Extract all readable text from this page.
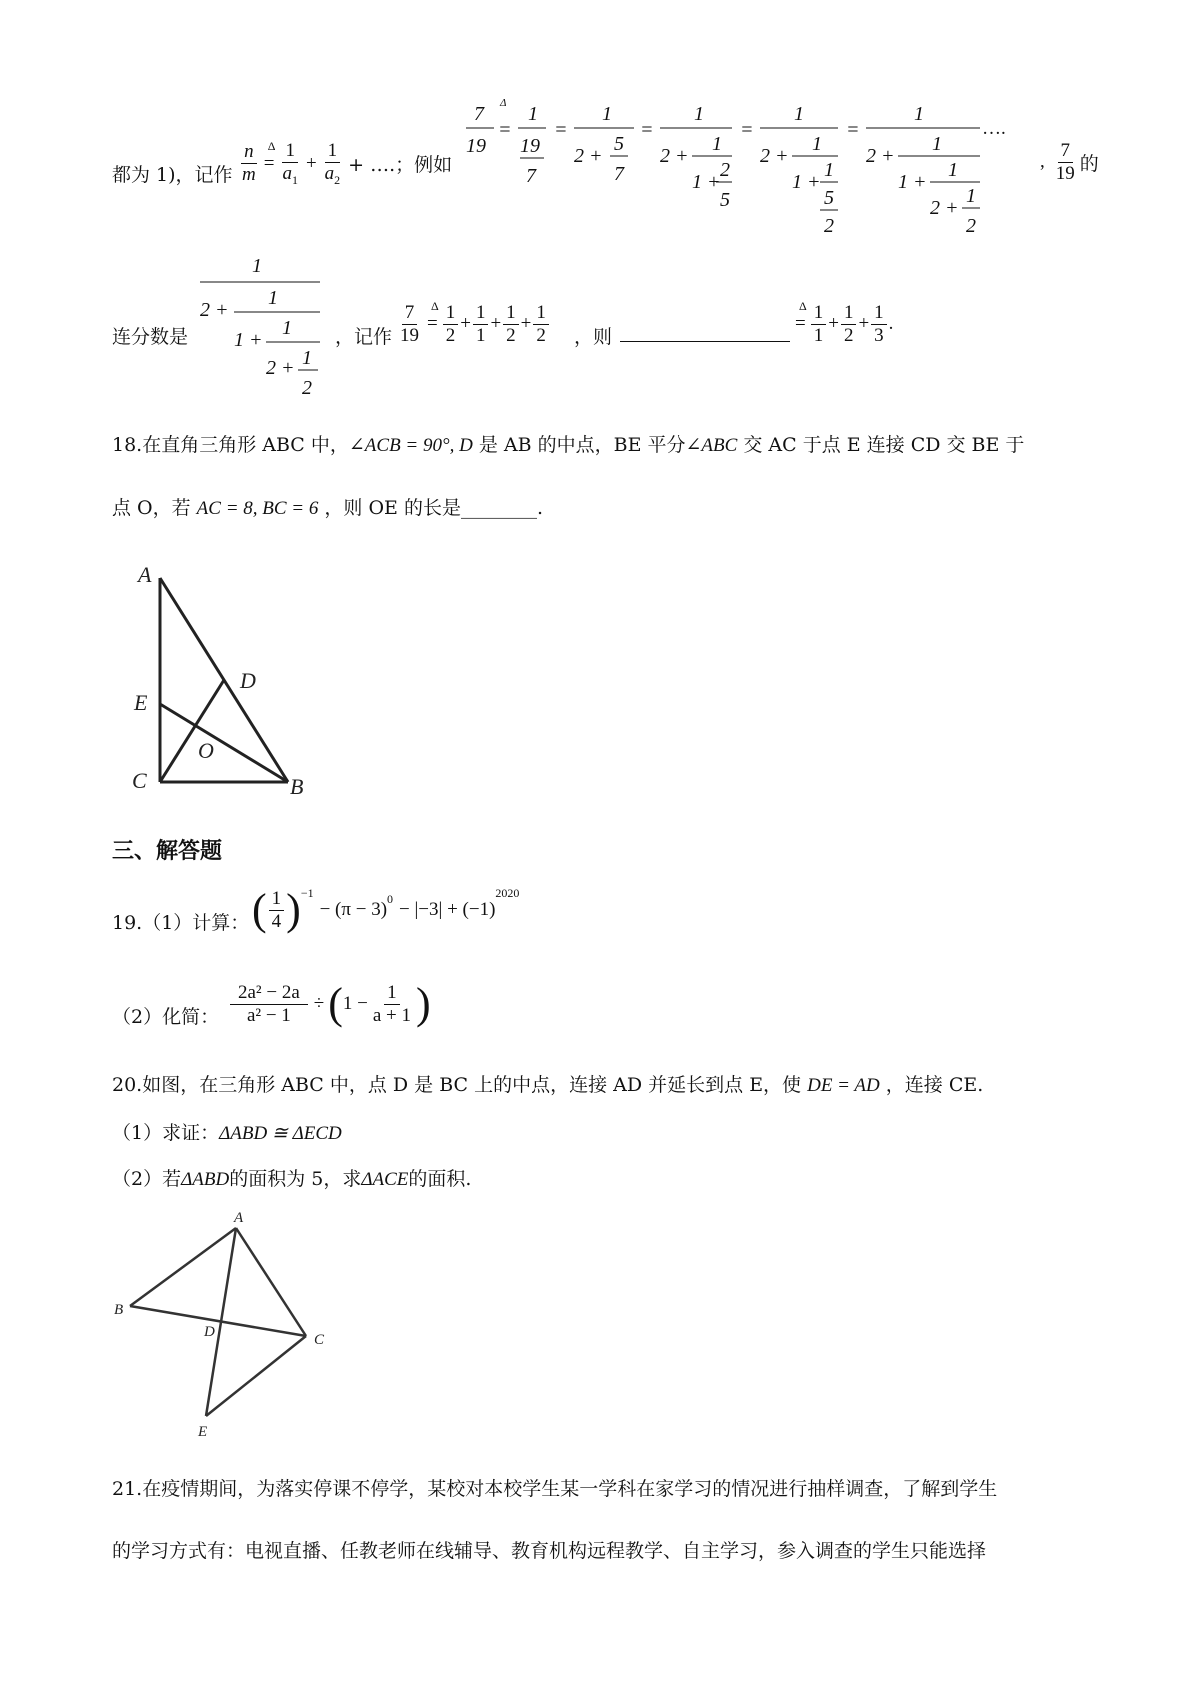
都为 1)，记作 $\frac{n}{m}$ =
Δ $\frac{1}{a_1} + \frac{1}{a_2}$ + ….；例如
7
19
Δ
=
1
19
7
=
1
2 +
5
7
=
1
2 +
1
1 +
2
5
=
1
2 +
1
1 +
1
5
2
=
1
2 +
1
1 +
1
2 +
1
2
….
, $\frac{7}{19}$ 的
连分数是
1
2 +
1
1 +
1
2 + 1
2
，记作 $\frac{7}{19}$ =
Δ $\frac{1}{2} + \frac{1}{1} + \frac{1}{2} + \frac{1}{2}$ ，则
=
Δ $\frac{1}{1} + \frac{1}{2} + \frac{1}{3}$ .
18.在直角三角形 ABC 中，∠ACB = 90°, D 是 AB 的中点，BE 平分∠ABC 交 AC 于点 E 连接 CD 交 BE 于
点 O，若 AC = 8, BC = 6 ，则 OE 的长是________.
A
E
C	B
D
O
三、解答题
19.（1）计算： ( $\frac{1}{4} )^{-1}$
− (π − 3)
$^0$
− |−3| + (−1)
$^{2020}$
（2）化简： $\frac{\text{2a² − 2a}}{\text{a² − 1}}$ ÷ ( $1 - \frac{1}{a + 1}$ )
20.如图，在三角形 ABC 中，点 D 是 BC 上的中点，连接 AD 并延长到点 E，使 DE = AD ，连接 CE.
（1）求证：ΔABD ≅ ΔECD
（2）若ΔABD的面积为 5，求ΔACE的面积.
A
B
D	C
E
21.在疫情期间，为落实停课不停学，某校对本校学生某一学科在家学习的情况进行抽样调查，了解到学生
的学习方式有：电视直播、任教老师在线辅导、教育机构远程教学、自主学习，参入调查的学生只能选择
